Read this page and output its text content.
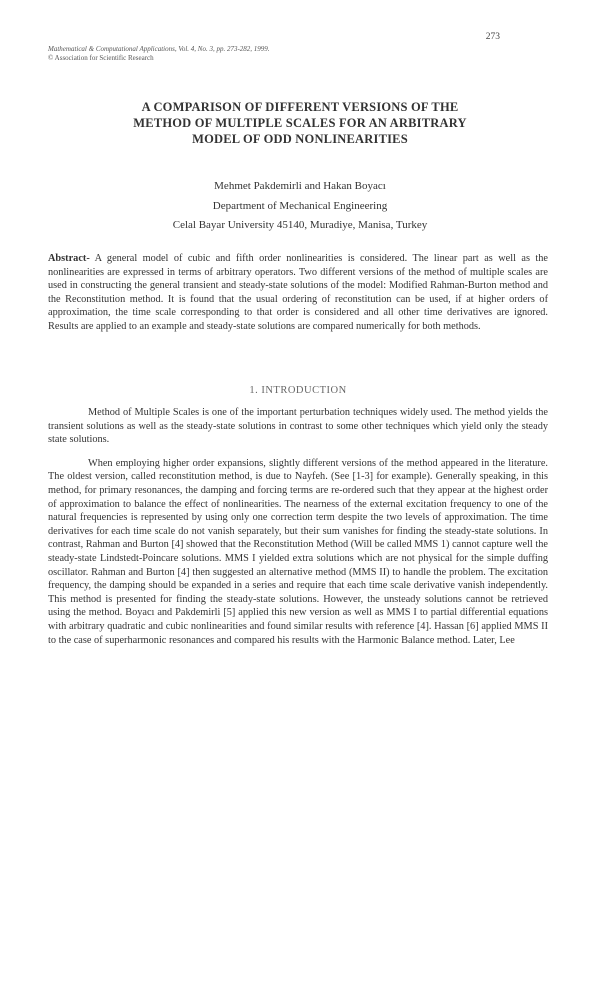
273
Mathematical & Computational Applications, Vol. 4, No. 3, pp. 273-282, 1999.
© Association for Scientific Research
A COMPARISON OF DIFFERENT VERSIONS OF THE
METHOD OF MULTIPLE SCALES FOR AN ARBITRARY
MODEL OF ODD NONLINEARITIES
Mehmet Pakdemirli and Hakan Boyacı
Department of Mechanical Engineering
Celal Bayar University 45140, Muradiye, Manisa, Turkey

Abstract- A general model of cubic and fifth order nonlinearities is considered. The linear part as well as the nonlinearities are expressed in terms of arbitrary operators. Two different versions of the method of multiple scales are used in constructing the general transient and steady-state solutions of the model: Modified Rahman-Burton method and the Reconstitution method. It is found that the usual ordering of reconstitution can be used, if at higher orders of approximation, the time scale corresponding to that order is considered and all other time derivatives are ignored. Results are applied to an example and steady-state solutions are compared numerically for both methods.

1. INTRODUCTION

Method of Multiple Scales is one of the important perturbation techniques widely used. The method yields the transient solutions as well as the steady-state solutions in contrast to some other techniques which yield only the steady state solutions.

When employing higher order expansions, slightly different versions of the method appeared in the literature. The oldest version, called reconstitution method, is due to Nayfeh. (See [1-3] for example). Generally speaking, in this method, for primary resonances, the damping and forcing terms are re-ordered such that they appear at the highest order of approximation to balance the effect of nonlinearities. The nearness of the external excitation frequency to one of the natural frequencies is represented by using only one correction term despite the two levels of approximation. The time derivatives for each time scale do not vanish separately, but their sum vanishes for finding the steady-state solutions. In contrast, Rahman and Burton [4] showed that the Reconstitution Method (Will be called MMS 1) cannot capture well the steady-state Lindstedt-Poincare solutions. MMS I yielded extra solutions which are not physical for the simple duffing oscillator. Rahman and Burton [4] then suggested an alternative method (MMS II) to handle the problem. The excitation frequency, the damping should be expanded in a series and require that each time scale derivative vanish independently. This method is presented for finding the steady-state solutions. However, the unsteady solutions cannot be retrieved using the method. Boyacı and Pakdemirli [5] applied this new version as well as MMS I to partial differential equations with arbitrary quadratic and cubic nonlinearities and found similar results with reference [4]. Hassan [6] applied MMS II to the case of superharmonic resonances and compared his results with the Harmonic Balance method. Later, Lee
